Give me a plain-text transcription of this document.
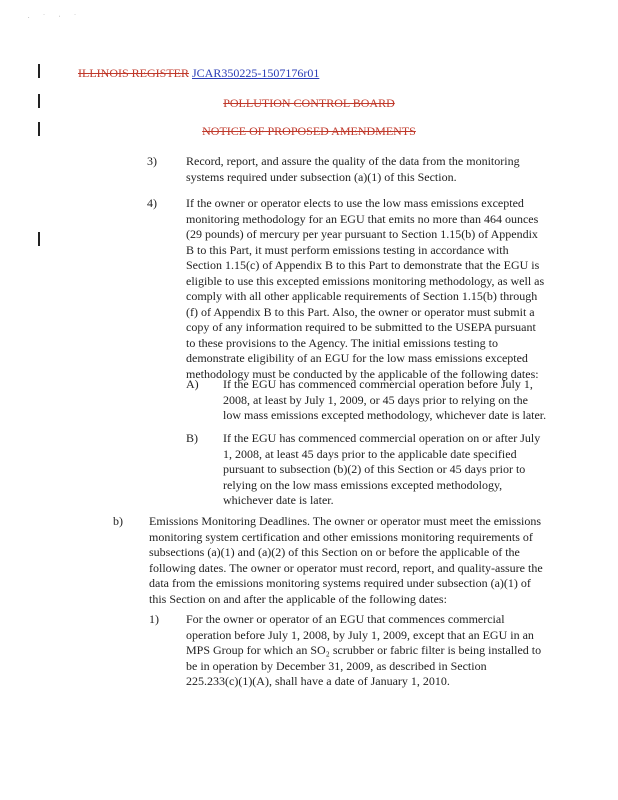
. ˙ · ˙
ILLINOIS REGISTER JCAR350225-1507176r01
POLLUTION CONTROL BOARD
NOTICE OF PROPOSED AMENDMENTS
3) Record, report, and assure the quality of the data from the monitoring
systems required under subsection (a)(1) of this Section.
4) If the owner or operator elects to use the low mass emissions excepted
monitoring methodology for an EGU that emits no more than 464 ounces
(29 pounds) of mercury per year pursuant to Section 1.15(b) of Appendix
B to this Part, it must perform emissions testing in accordance with
Section 1.15(c) of Appendix B to this Part to demonstrate that the EGU is
eligible to use this excepted emissions monitoring methodology, as well as
comply with all other applicable requirements of Section 1.15(b) through
(f) of Appendix B to this Part. Also, the owner or operator must submit a
copy of any information required to be submitted to the USEPA pursuant
to these provisions to the Agency. The initial emissions testing to
demonstrate eligibility of an EGU for the low mass emissions excepted
methodology must be conducted by the applicable of the following dates:
A) If the EGU has commenced commercial operation before July 1,
2008, at least by July 1, 2009, or 45 days prior to relying on the
low mass emissions excepted methodology, whichever date is later.
B) If the EGU has commenced commercial operation on or after July
1, 2008, at least 45 days prior to the applicable date specified
pursuant to subsection (b)(2) of this Section or 45 days prior to
relying on the low mass emissions excepted methodology,
whichever date is later.
b) Emissions Monitoring Deadlines. The owner or operator must meet the emissions
monitoring system certification and other emissions monitoring requirements of
subsections (a)(1) and (a)(2) of this Section on or before the applicable of the
following dates. The owner or operator must record, report, and quality-assure the
data from the emissions monitoring systems required under subsection (a)(1) of
this Section on and after the applicable of the following dates:
1) For the owner or operator of an EGU that commences commercial
operation before July 1, 2008, by July 1, 2009, except that an EGU in an
MPS Group for which an SO₂ scrubber or fabric filter is being installed to
be in operation by December 31, 2009, as described in Section
225.233(c)(1)(A), shall have a date of January 1, 2010.
